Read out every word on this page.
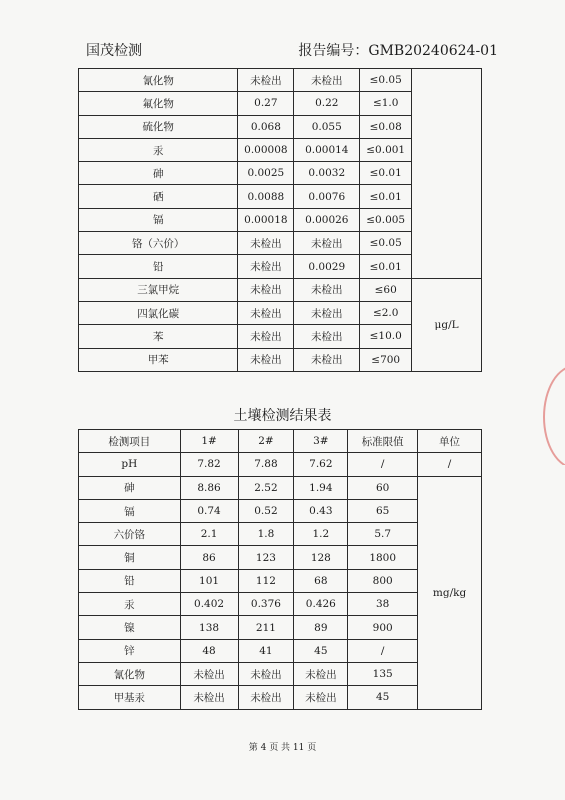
国茂检测	报告编号：GMB20240624-01
氰化物	未检出	未检出	≤0.05	
氟化物	0.27	0.22	≤1.0	
硫化物	0.068	0.055	≤0.08	
汞	0.00008	0.00014	≤0.001	
砷	0.0025	0.0032	≤0.01	
硒	0.0088	0.0076	≤0.01	
镉	0.00018	0.00026	≤0.005	
铬（六价）	未检出	未检出	≤0.05	
铅	未检出	0.0029	≤0.01	
三氯甲烷	未检出	未检出	≤60	μg/L
四氯化碳	未检出	未检出	≤2.0	
苯	未检出	未检出	≤10.0	
甲苯	未检出	未检出	≤700	
土壤检测结果表
检测项目	1#	2#	3#	标准限值	单位
pH	7.82	7.88	7.62	/	/
砷	8.86	2.52	1.94	60	mg/kg
镉	0.74	0.52	0.43	65	
六价铬	2.1	1.8	1.2	5.7	
铜	86	123	128	1800	
铅	101	112	68	800	
汞	0.402	0.376	0.426	38	
镍	138	211	89	900	
锌	48	41	45	/	
氰化物	未检出	未检出	未检出	135	
甲基汞	未检出	未检出	未检出	45	
第 4 页 共 11 页
